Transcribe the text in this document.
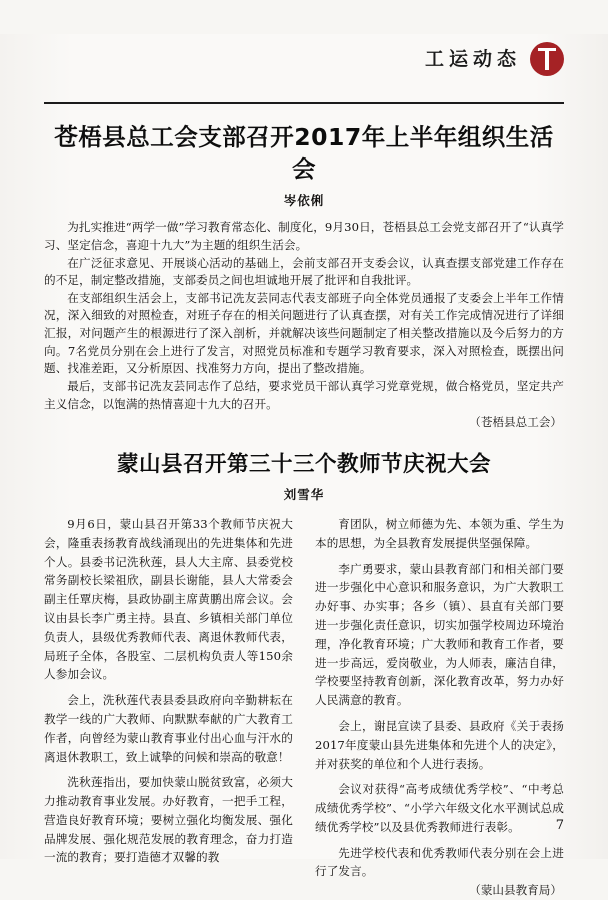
工运动态
苍梧县总工会支部召开2017年上半年组织生活会
岑依俐

为扎实推进“两学一做”学习教育常态化、制度化，9月30日，苍梧县总工会党支部召开了“认真学习、坚定信念，喜迎十九大”为主题的组织生活会。

在广泛征求意见、开展谈心活动的基础上，会前支部召开支委会议，认真查摆支部党建工作存在的不足，制定整改措施，支部委员之间也坦诚地开展了批评和自我批评。

在支部组织生活会上，支部书记冼友芸同志代表支部班子向全体党员通报了支委会上半年工作情况，深入细致的对照检查，对班子存在的相关问题进行了认真查摆，对有关工作完成情况进行了详细汇报，对问题产生的根源进行了深入剖析，并就解决该些问题制定了相关整改措施以及今后努力的方向。7名党员分别在会上进行了发言，对照党员标准和专题学习教育要求，深入对照检查，既摆出问题、找准差距，又分析原因、找准努力方向，提出了整改措施。

最后，支部书记冼友芸同志作了总结，要求党员干部认真学习党章党规，做合格党员，坚定共产主义信念，以饱满的热情喜迎十九大的召开。

（苍梧县总工会）
蒙山县召开第三十三个教师节庆祝大会
刘雪华

9月6日，蒙山县召开第33个教师节庆祝大会，隆重表扬教育战线涌现出的先进集体和先进个人。县委书记洗秋莲，县人大主席、县委党校常务副校长梁祖欣，副县长谢能，县人大常委会副主任覃庆梅，县政协副主席黄鹏出席会议。会议由县长李广勇主持。县直、乡镇相关部门单位负责人，县级优秀教师代表、离退休教师代表，局班子全体，各股室、二层机构负责人等150余人参加会议。

会上，洗秋莲代表县委县政府向辛勤耕耘在教学一线的广大教师、向默默奉献的广大教育工作者，向曾经为蒙山教育事业付出心血与汗水的离退休教职工，致上诚挚的问候和崇高的敬意！

洗秋莲指出，要加快蒙山脱贫致富，必须大力推动教育事业发展。办好教育，一把手工程，营造良好教育环境；要树立强化均衡发展、强化品牌发展、强化规范发展的教育理念，奋力打造一流的教育；要打造德才双馨的教

育团队，树立师德为先、本领为重、学生为本的思想，为全县教育发展提供坚强保障。

李广勇要求，蒙山县教育部门和相关部门要进一步强化中心意识和服务意识，为广大教职工办好事、办实事；各乡（镇）、县直有关部门要进一步强化责任意识，切实加强学校周边环境治理，净化教育环境；广大教师和教育工作者，要进一步高远，爱岗敬业，为人师表，廉洁自律，学校要坚持教育创新，深化教育改革，努力办好人民满意的教育。

会上，谢昆宣读了县委、县政府《关于表扬2017年度蒙山县先进集体和先进个人的决定》，并对获奖的单位和个人进行表扬。

会议对获得“高考成绩优秀学校”、“中考总成绩优秀学校”、“小学六年级文化水平测试总成绩优秀学校”以及县优秀教师进行表彰。

先进学校代表和优秀教师代表分别在会上进行了发言。

（蒙山县教育局）
7
